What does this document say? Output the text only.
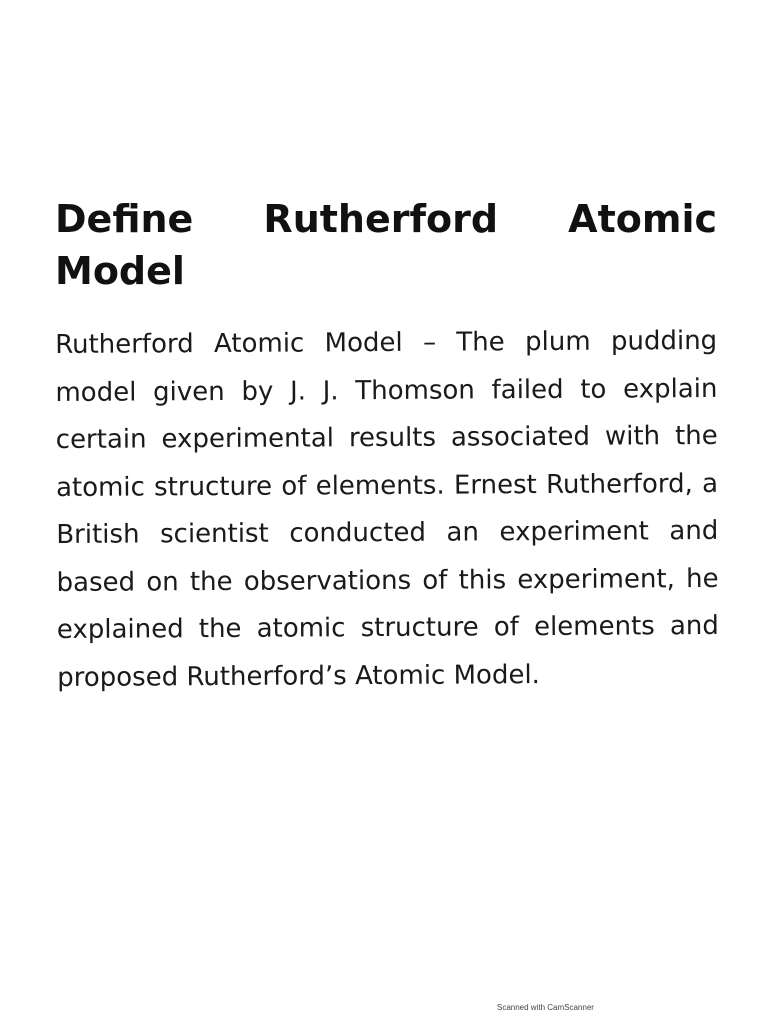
Define Rutherford Atomic Model

Rutherford Atomic Model – The plum pudding model given by J. J. Thomson failed to explain certain experimental results associated with the atomic structure of elements. Ernest Rutherford, a British scientist conducted an experiment and based on the observations of this experiment, he explained the atomic structure of elements and proposed Rutherford’s Atomic Model.

Scanned with CamScanner
